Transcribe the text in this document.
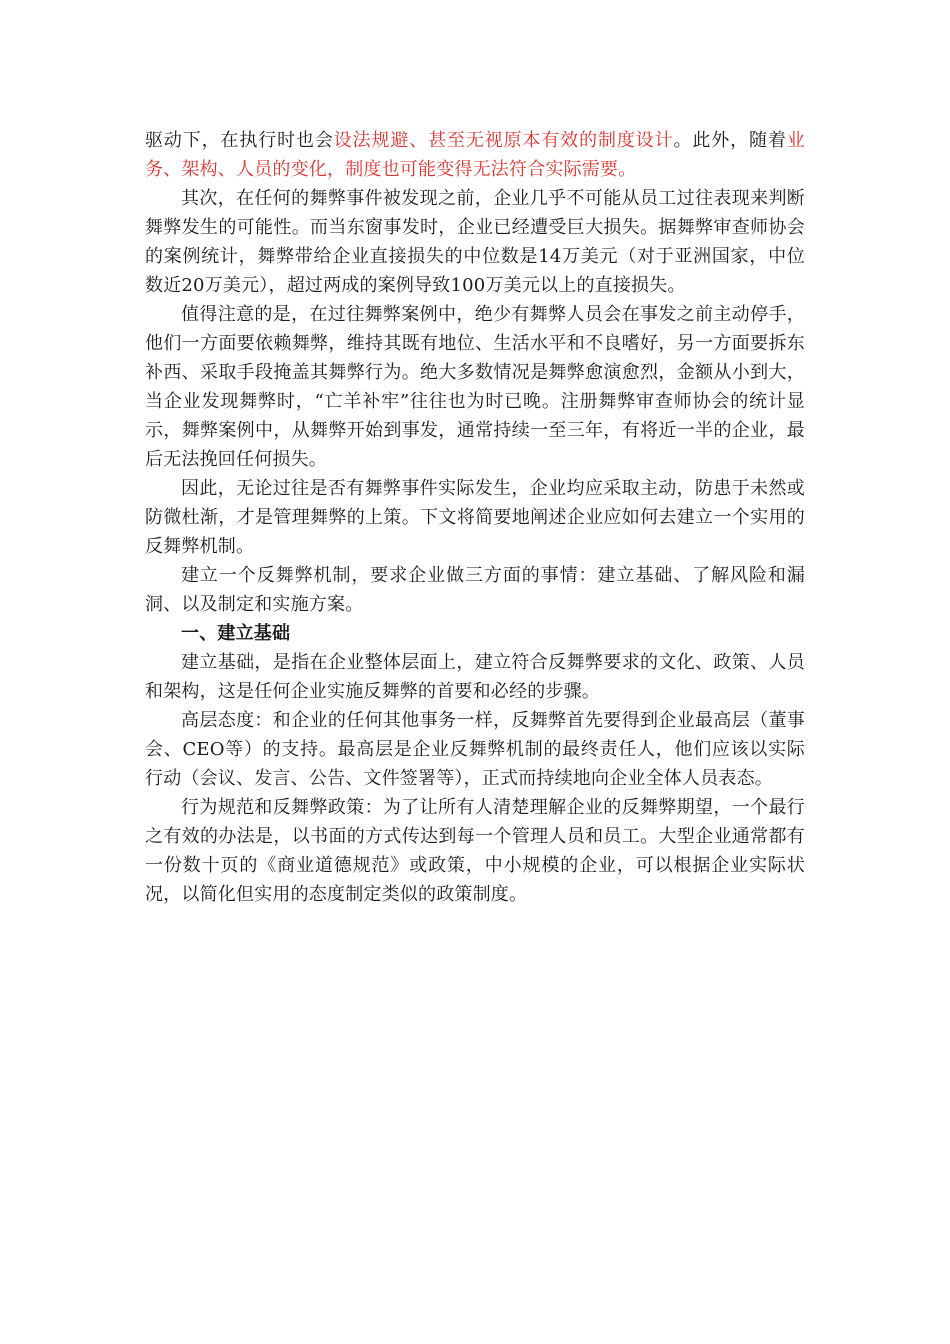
驱动下，在执行时也会设法规避、甚至无视原本有效的制度设计。此外，随着业务、架构、人员的变化，制度也可能变得无法符合实际需要。

其次，在任何的舞弊事件被发现之前，企业几乎不可能从员工过往表现来判断舞弊发生的可能性。而当东窗事发时，企业已经遭受巨大损失。据舞弊审查师协会的案例统计，舞弊带给企业直接损失的中位数是14万美元（对于亚洲国家，中位数近20万美元），超过两成的案例导致100万美元以上的直接损失。

值得注意的是，在过往舞弊案例中，绝少有舞弊人员会在事发之前主动停手，他们一方面要依赖舞弊，维持其既有地位、生活水平和不良嗜好，另一方面要拆东补西、采取手段掩盖其舞弊行为。绝大多数情况是舞弊愈演愈烈，金额从小到大，当企业发现舞弊时，“亡羊补牢”往往也为时已晚。注册舞弊审查师协会的统计显示，舞弊案例中，从舞弊开始到事发，通常持续一至三年，有将近一半的企业，最后无法挽回任何损失。

因此，无论过往是否有舞弊事件实际发生，企业均应采取主动，防患于未然或防微杜渐，才是管理舞弊的上策。下文将简要地阐述企业应如何去建立一个实用的反舞弊机制。

建立一个反舞弊机制，要求企业做三方面的事情：建立基础、了解风险和漏洞、以及制定和实施方案。

一、建立基础

建立基础，是指在企业整体层面上，建立符合反舞弊要求的文化、政策、人员和架构，这是任何企业实施反舞弊的首要和必经的步骤。

高层态度：和企业的任何其他事务一样，反舞弊首先要得到企业最高层（董事会、CEO等）的支持。最高层是企业反舞弊机制的最终责任人，他们应该以实际行动（会议、发言、公告、文件签署等），正式而持续地向企业全体人员表态。

行为规范和反舞弊政策：为了让所有人清楚理解企业的反舞弊期望，一个最行之有效的办法是，以书面的方式传达到每一个管理人员和员工。大型企业通常都有一份数十页的《商业道德规范》或政策，中小规模的企业，可以根据企业实际状况，以简化但实用的态度制定类似的政策制度。
